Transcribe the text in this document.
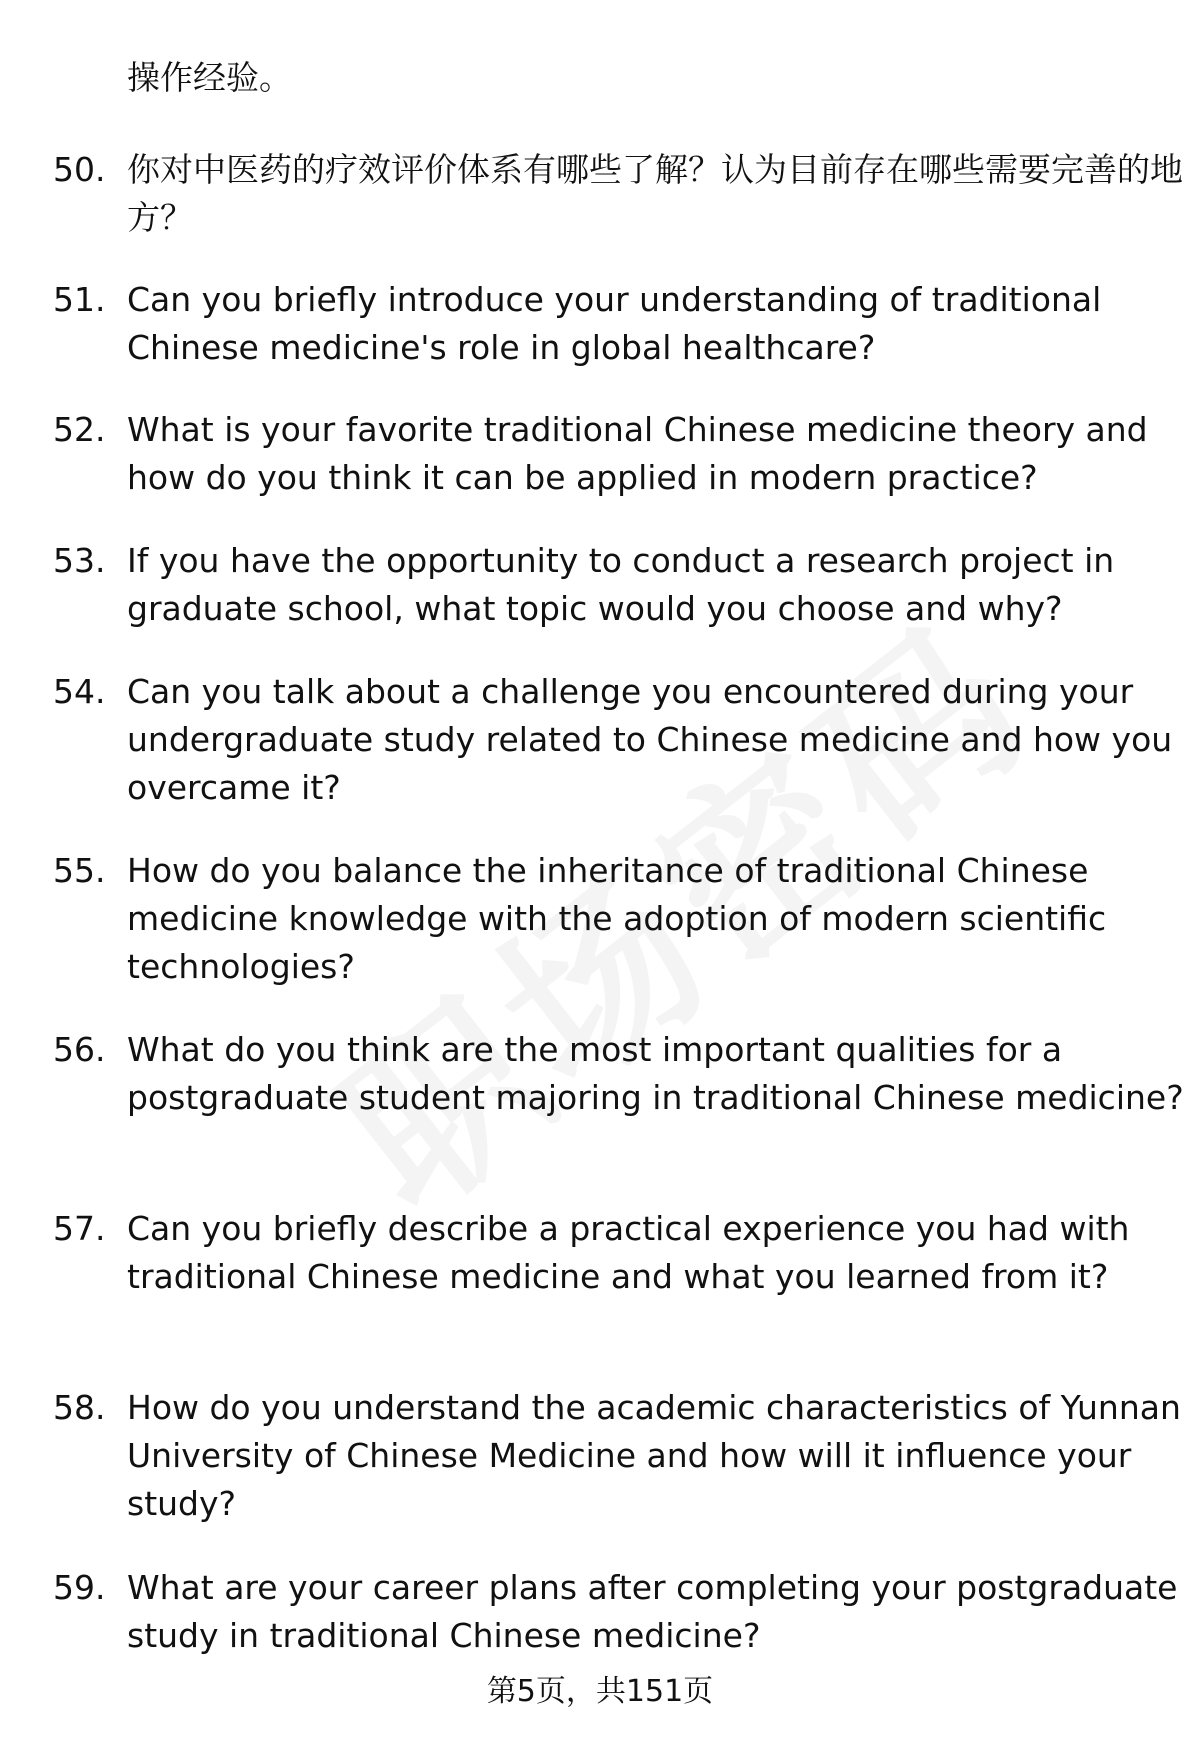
操作经验。

50. 你对中医药的疗效评价体系有哪些了解？认为目前存在哪些需要完善的地方？

51. Can you briefly introduce your understanding of traditional Chinese medicine's role in global healthcare?

52. What is your favorite traditional Chinese medicine theory and how do you think it can be applied in modern practice?

53. If you have the opportunity to conduct a research project in graduate school, what topic would you choose and why?

54. Can you talk about a challenge you encountered during your undergraduate study related to Chinese medicine and how you overcame it?

55. How do you balance the inheritance of traditional Chinese medicine knowledge with the adoption of modern scientific technologies?

56. What do you think are the most important qualities for a postgraduate student majoring in traditional Chinese medicine?

57. Can you briefly describe a practical experience you had with traditional Chinese medicine and what you learned from it?

58. How do you understand the academic characteristics of Yunnan University of Chinese Medicine and how will it influence your study?

59. What are your career plans after completing your postgraduate study in traditional Chinese medicine?

第5页，共151页
